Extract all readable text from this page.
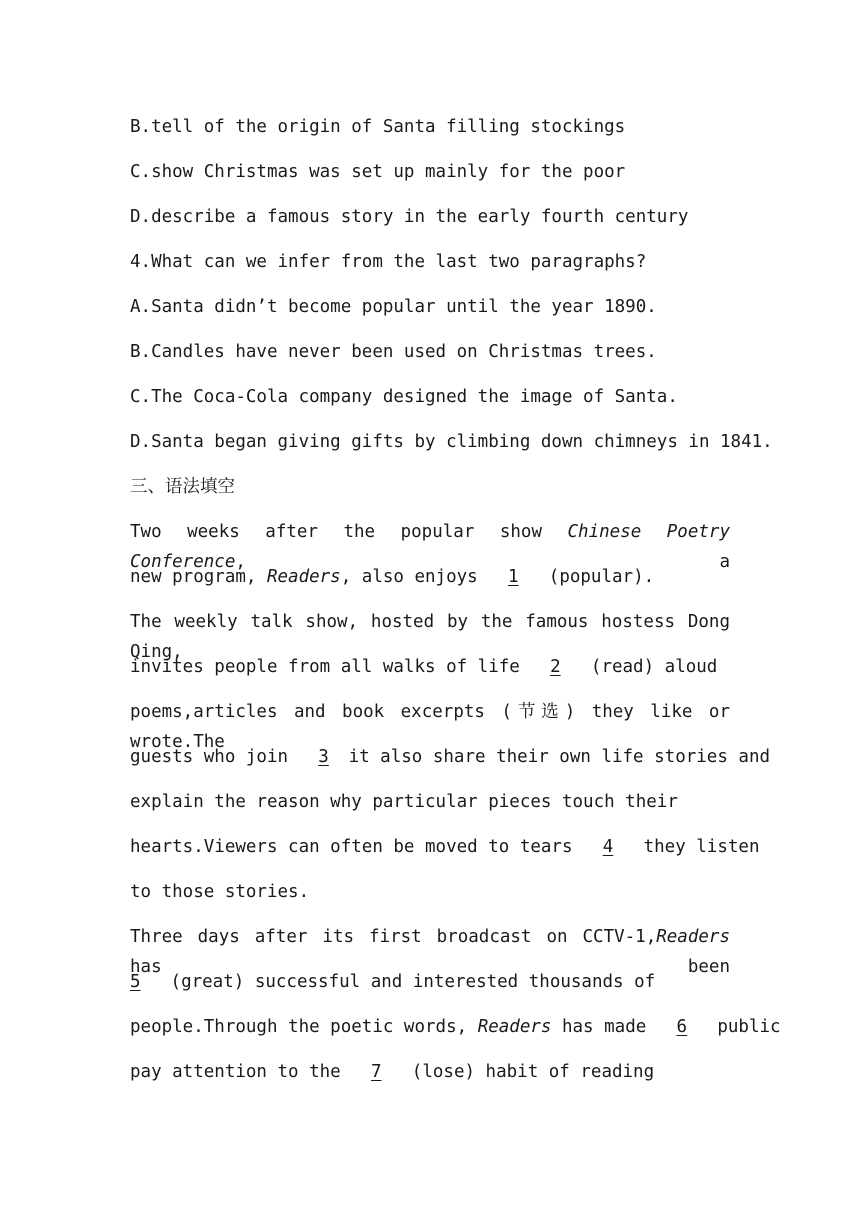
B.tell of the origin of Santa filling stockings
C.show Christmas was set up mainly for the poor
D.describe a famous story in the early fourth century
4.What can we infer from the last two paragraphs?
A.Santa didn’t become popular until the year 1890.
B.Candles have never been used on Christmas trees.
C.The Coca-Cola company designed the image of Santa.
D.Santa began giving gifts by climbing down chimneys in 1841.
三、语法填空
Two weeks after the popular show Chinese Poetry Conference, a
new program, Readers, also enjoys 1 (popular).
The weekly talk show, hosted by the famous hostess Dong Qing,
invites people from all walks of life 2 (read) aloud
poems,articles and book excerpts (节选) they like or wrote.The
guests who join 3 it also share their own life stories and
explain the reason why particular pieces touch their
hearts.Viewers can often be moved to tears 4 they listen
to those stories.
Three days after its first broadcast on CCTV-1,Readers has been
5 (great) successful and interested thousands of
people.Through the poetic words, Readers has made 6 public
pay attention to the 7 (lose) habit of reading
